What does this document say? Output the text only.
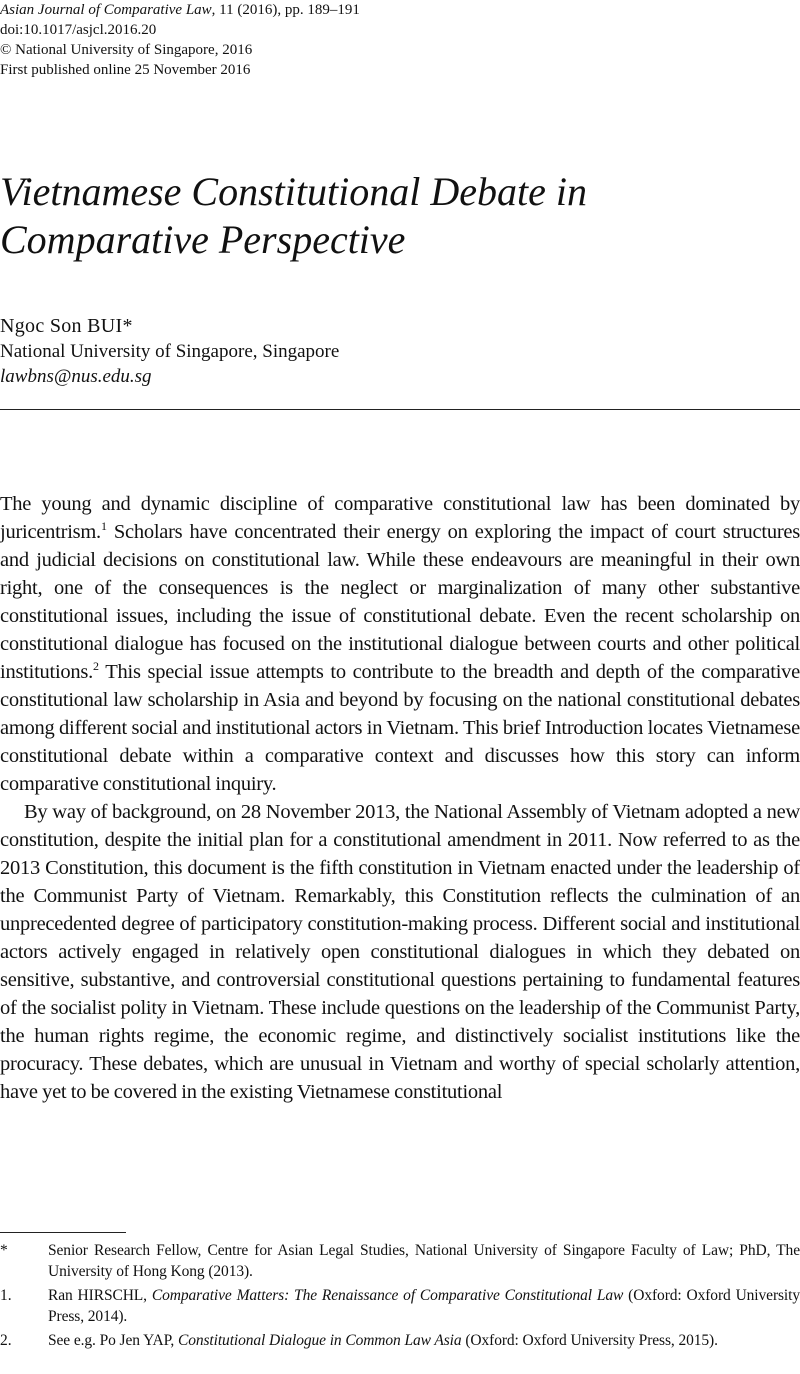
Asian Journal of Comparative Law, 11 (2016), pp. 189–191
doi:10.1017/asjcl.2016.20
© National University of Singapore, 2016
First published online 25 November 2016
Vietnamese Constitutional Debate in Comparative Perspective
Ngoc Son BUI*
National University of Singapore, Singapore
lawbns@nus.edu.sg

The young and dynamic discipline of comparative constitutional law has been dominated by juricentrism.$^1$ Scholars have concentrated their energy on exploring the impact of court structures and judicial decisions on constitutional law. While these endeavours are meaningful in their own right, one of the consequences is the neglect or marginalization of many other substantive constitutional issues, including the issue of constitutional debate. Even the recent scholarship on constitutional dialogue has focused on the institutional dialogue between courts and other political institutions.$^2$ This special issue attempts to contribute to the breadth and depth of the comparative constitutional law scholarship in Asia and beyond by focusing on the national constitutional debates among different social and institutional actors in Vietnam. This brief Introduction locates Vietnamese constitutional debate within a comparative context and discusses how this story can inform comparative constitutional inquiry.

By way of background, on 28 November 2013, the National Assembly of Vietnam adopted a new constitution, despite the initial plan for a constitutional amendment in 2011. Now referred to as the 2013 Constitution, this document is the fifth constitution in Vietnam enacted under the leadership of the Communist Party of Vietnam. Remarkably, this Constitution reflects the culmination of an unprecedented degree of participatory constitution-making process. Different social and institutional actors actively engaged in relatively open constitutional dialogues in which they debated on sensitive, substantive, and controversial constitutional questions pertaining to fundamental features of the socialist polity in Vietnam. These include questions on the leadership of the Communist Party, the human rights regime, the economic regime, and distinctively socialist institutions like the procuracy. These debates, which are unusual in Vietnam and worthy of special scholarly attention, have yet to be covered in the existing Vietnamese constitutional

*	Senior Research Fellow, Centre for Asian Legal Studies, National University of Singapore Faculty of Law; PhD, The University of Hong Kong (2013).
1.	Ran HIRSCHL, Comparative Matters: The Renaissance of Comparative Constitutional Law (Oxford: Oxford University Press, 2014).
2.	See e.g. Po Jen YAP, Constitutional Dialogue in Common Law Asia (Oxford: Oxford University Press, 2015).
